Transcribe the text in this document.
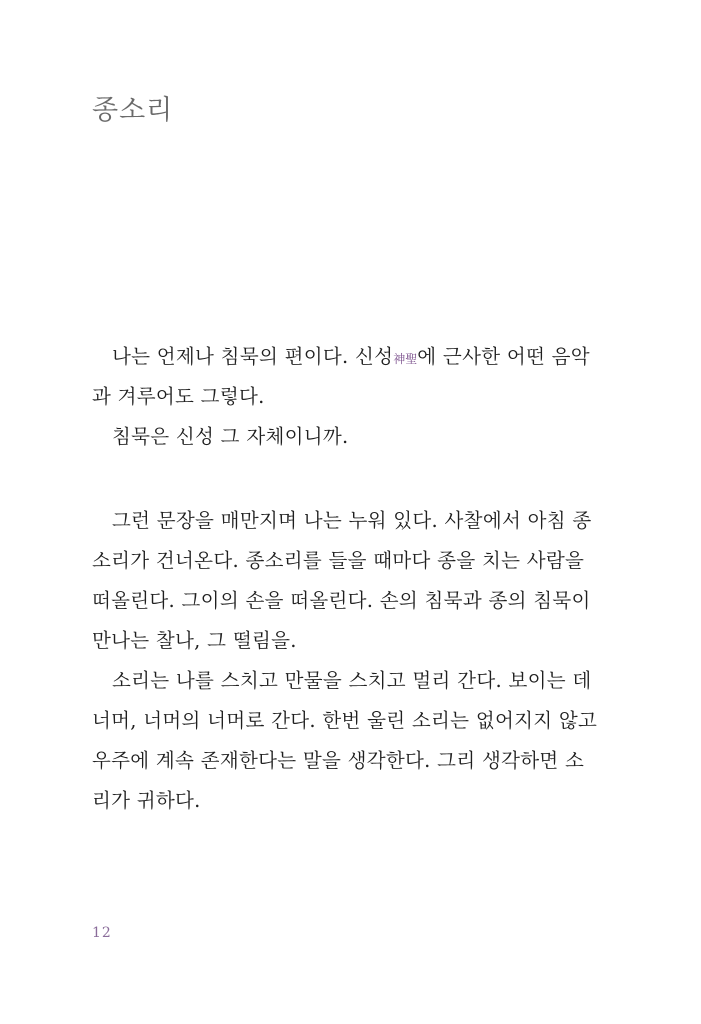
종소리
나는 언제나 침묵의 편이다. 신성神聖에 근사한 어떤 음악
과 겨루어도 그렇다.
침묵은 신성 그 자체이니까.
그런 문장을 매만지며 나는 누워 있다. 사찰에서 아침 종
소리가 건너온다. 종소리를 들을 때마다 종을 치는 사람을
떠올린다. 그이의 손을 떠올린다. 손의 침묵과 종의 침묵이
만나는 찰나, 그 떨림을.
소리는 나를 스치고 만물을 스치고 멀리 간다. 보이는 데
너머, 너머의 너머로 간다. 한번 울린 소리는 없어지지 않고
우주에 계속 존재한다는 말을 생각한다. 그리 생각하면 소
리가 귀하다.

12
